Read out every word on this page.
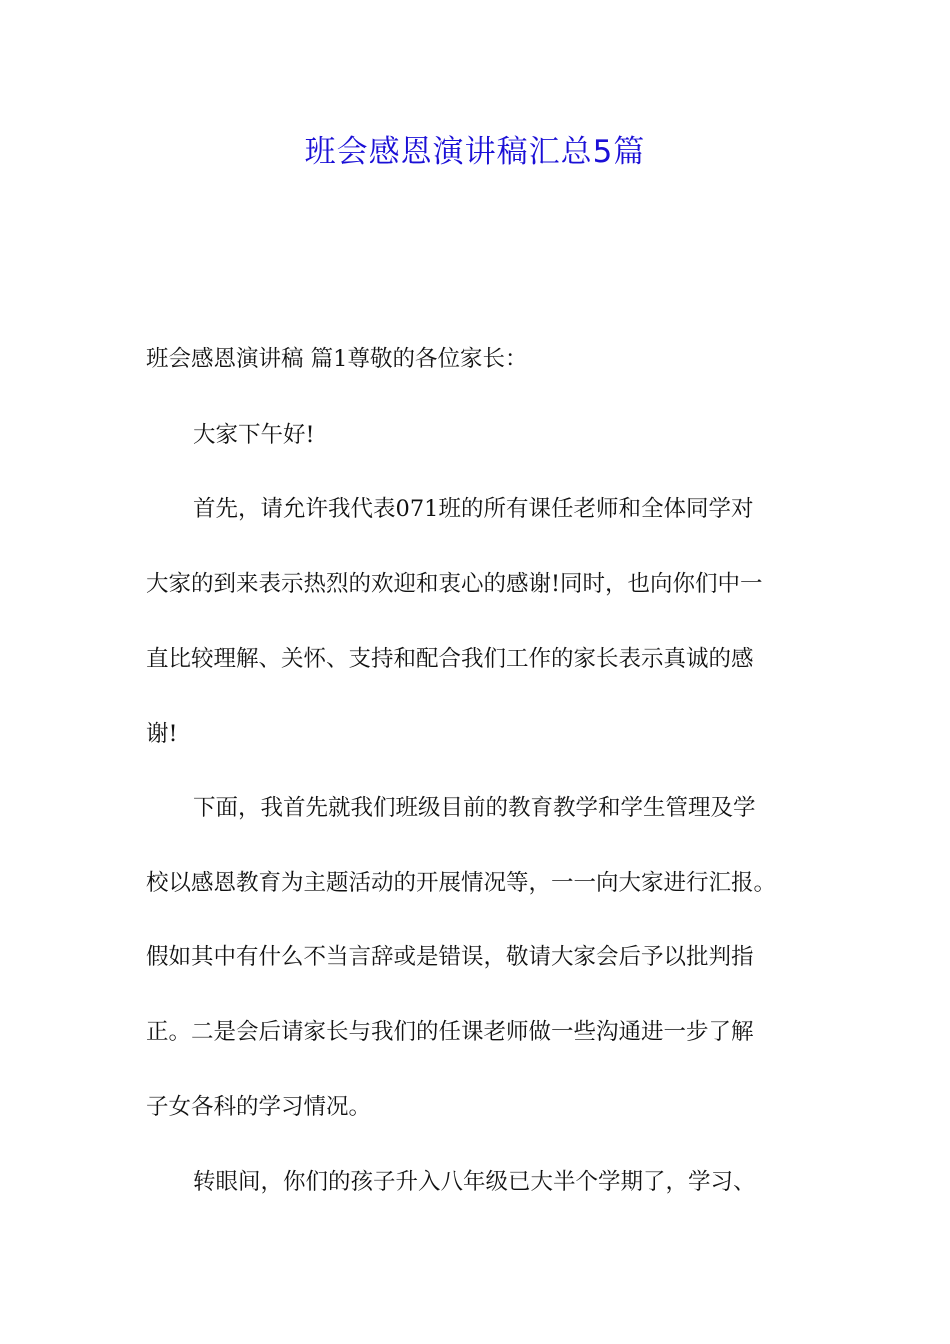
班会感恩演讲稿汇总5篇
班会感恩演讲稿 篇1尊敬的各位家长：
大家下午好!
首先，请允许我代表071班的所有课任老师和全体同学对
大家的到来表示热烈的欢迎和衷心的感谢!同时，也向你们中一
直比较理解、关怀、支持和配合我们工作的家长表示真诚的感
谢!
下面，我首先就我们班级目前的教育教学和学生管理及学
校以感恩教育为主题活动的开展情况等，一一向大家进行汇报。
假如其中有什么不当言辞或是错误，敬请大家会后予以批判指
正。二是会后请家长与我们的任课老师做一些沟通进一步了解
子女各科的学习情况。
转眼间，你们的孩子升入八年级已大半个学期了，学习、
